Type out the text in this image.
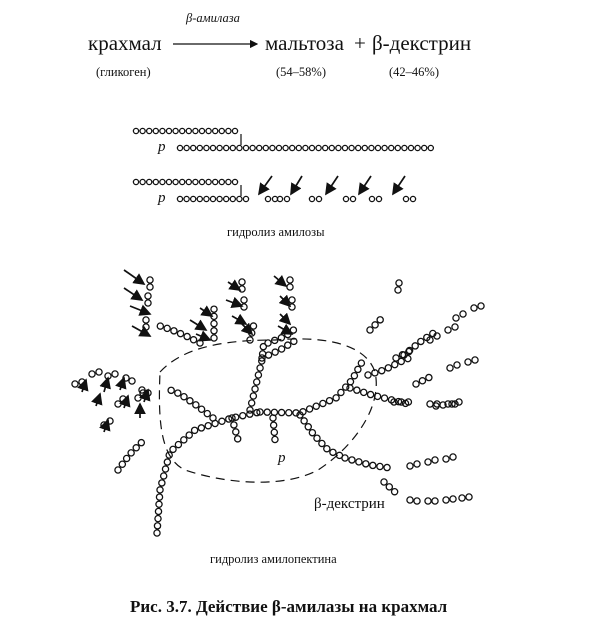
крахмал
(гликоген)
β-амилаза
мальтоза + β-декстрин
(54–58%)	(42–46%)
p
p
гидролиз амилозы
p
β-декстрин
гидролиз амилопектина
Рис. 3.7. Действие β-амилазы на крахмал
